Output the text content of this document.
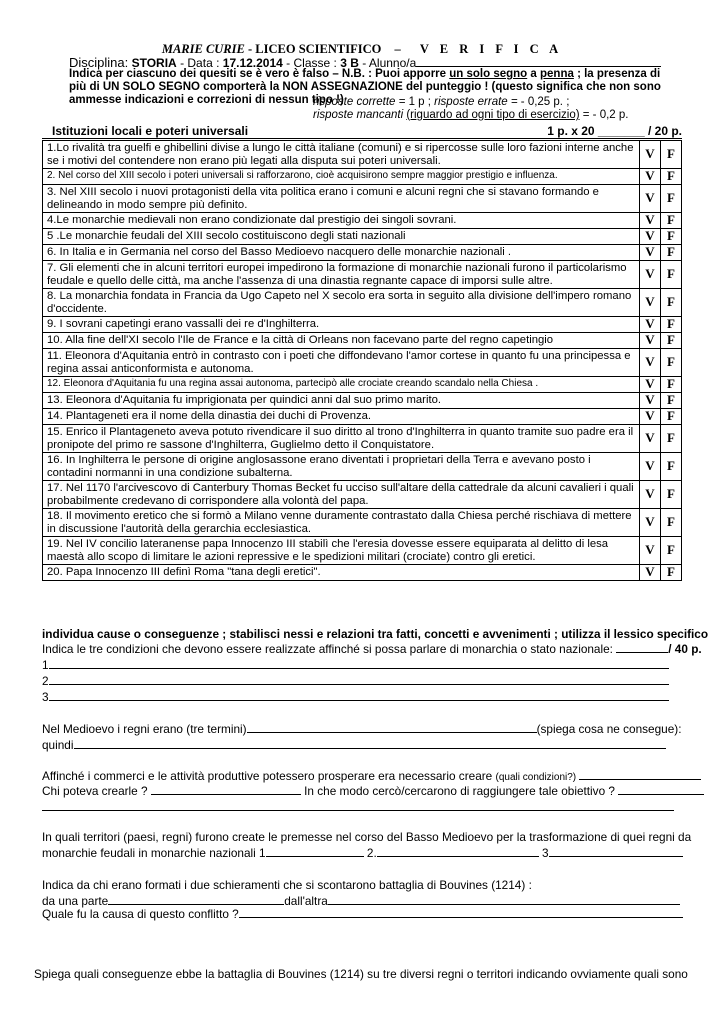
MARIE CURIE - LICEO SCIENTIFICO – V E R I F I C A
Disciplina: STORIA - Data : 17.12.2014 - Classe : 3 B - Alunno/a
Indica per ciascuno dei quesiti se è vero è falso – N.B. : Puoi apporre un solo segno a penna ; la presenza di più di UN SOLO SEGNO comporterà la NON ASSEGNAZIONE del punteggio ! (questo significa che non sono ammesse indicazioni e correzioni di nessun tipo !)
risposte corrette = 1 p ; risposte errate = - 0,25 p. ;
risposte mancanti (riguardo ad ogni tipo di esercizio) = - 0,2 p.
Istituzioni locali e poteri universali	1 p. x 20 _______ / 20 p.
1.Lo rivalità tra guelfi e ghibellini divise a lungo le città italiane (comuni) e si ripercosse sulle loro fazioni interne anche se i motivi del contendere non erano più legati alla disputa sui poteri universali.	V	F
2. Nel corso del XIII secolo i poteri universali si rafforzarono, cioè acquisirono sempre maggior prestigio e influenza.	V	F
3. Nel XIII secolo i nuovi protagonisti della vita politica erano i comuni e alcuni regni che si stavano formando e delineando in modo sempre più definito.	V	F
4.Le monarchie medievali non erano condizionate dal prestigio dei singoli sovrani.	V	F
5 .Le monarchie feudali del XIII secolo costituiscono degli stati nazionali	V	F
6. In Italia e in Germania nel corso del Basso Medioevo nacquero delle monarchie nazionali .	V	F
7. Gli elementi che in alcuni territori europei impedirono la formazione di monarchie nazionali furono il particolarismo feudale e quello delle città, ma anche l'assenza di una dinastia regnante capace di imporsi sulle altre.	V	F
8. La monarchia fondata in Francia da Ugo Capeto nel X secolo era sorta in seguito alla divisione dell'impero romano d'occidente.	V	F
9. I sovrani capetingi erano vassalli dei re d'Inghilterra.	V	F
10. Alla fine dell'XI secolo l'Ile de France e la città di Orleans non facevano parte del regno capetingio	V	F
11. Eleonora d'Aquitania entrò in contrasto con i poeti che diffondevano l'amor cortese in quanto fu una principessa e regina assai anticonformista e autonoma.	V	F
12. Eleonora d'Aquitania fu una regina assai autonoma, partecipò alle crociate creando scandalo nella Chiesa .	V	F
13. Eleonora d'Aquitania fu imprigionata per quindici anni dal suo primo marito.	V	F
14. Plantageneti era il nome della dinastia dei duchi di Provenza.	V	F
15. Enrico il Plantageneto aveva potuto rivendicare il suo diritto al trono d'Inghilterra in quanto tramite suo padre era il pronipote del primo re sassone d'Inghilterra, Guglielmo detto il Conquistatore.	V	F
16. In Inghilterra le persone di origine anglosassone erano diventati i proprietari della Terra e avevano posto i contadini normanni in una condizione subalterna.	V	F
17. Nel 1170 l'arcivescovo di Canterbury Thomas Becket fu ucciso sull'altare della cattedrale da alcuni cavalieri i quali probabilmente credevano di corrispondere alla volontà del papa.	V	F
18. Il movimento eretico che si formò a Milano venne duramente contrastato dalla Chiesa perché rischiava di mettere in discussione l'autorità della gerarchia ecclesiastica.	V	F
19. Nel IV concilio lateranense papa Innocenzo III stabilì che l'eresia dovesse essere equiparata al delitto di lesa maestà allo scopo di limitare le azioni repressive e le spedizioni militari (crociate) contro gli eretici.	V	F
20. Papa Innocenzo III definì Roma "tana degli eretici".	V	F
individua cause o conseguenze ; stabilisci nessi e relazioni tra fatti, concetti e avvenimenti ; utilizza il lessico specifico
Indica le tre condizioni che devono essere realizzate affinché si possa parlare di monarchia o stato nazionale:	/ 40 p.
1
2
3
Nel Medioevo i regni erano (tre termini)	(spiega cosa ne consegue):
quindi
Affinché i commerci e le attività produttive potessero prosperare era necessario creare (quali condizioni?)
Chi poteva crearle ?	In che modo cercò/cercarono di raggiungere tale obiettivo ?
In quali territori (paesi, regni) furono create le premesse nel corso del Basso Medioevo per la trasformazione di quei regni da
monarchie feudali in monarchie nazionali 1	2.	3
Indica da chi erano formati i due schieramenti che si scontarono battaglia di Bouvines (1214) :
da una parte	dall'altra
Quale fu la causa di questo conflitto ?
Spiega quali conseguenze ebbe la battaglia di Bouvines (1214) su tre diversi regni o territori indicando ovviamente quali sono
